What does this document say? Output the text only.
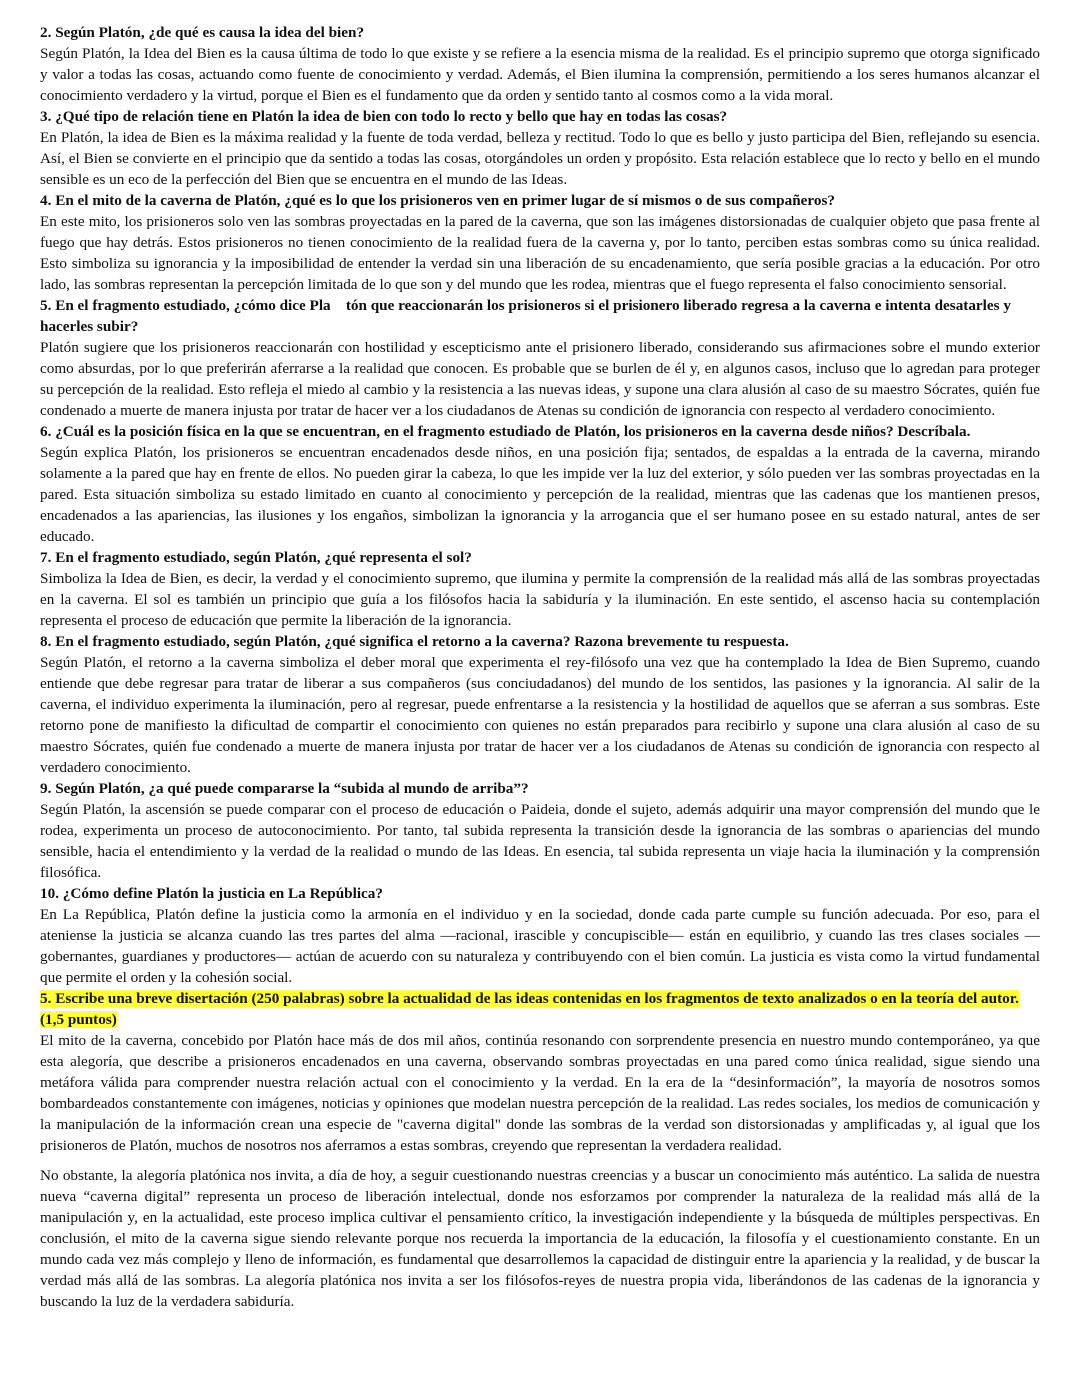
2. Según Platón, ¿de qué es causa la idea del bien?

Según Platón, la Idea del Bien es la causa última de todo lo que existe y se refiere a la esencia misma de la realidad. Es el principio supremo que otorga significado y valor a todas las cosas, actuando como fuente de conocimiento y verdad. Además, el Bien ilumina la comprensión, permitiendo a los seres humanos alcanzar el conocimiento verdadero y la virtud, porque el Bien es el fundamento que da orden y sentido tanto al cosmos como a la vida moral.

3. ¿Qué tipo de relación tiene en Platón la idea de bien con todo lo recto y bello que hay en todas las cosas?

En Platón, la idea de Bien es la máxima realidad y la fuente de toda verdad, belleza y rectitud. Todo lo que es bello y justo participa del Bien, reflejando su esencia. Así, el Bien se convierte en el principio que da sentido a todas las cosas, otorgándoles un orden y propósito. Esta relación establece que lo recto y bello en el mundo sensible es un eco de la perfección del Bien que se encuentra en el mundo de las Ideas.

4. En el mito de la caverna de Platón, ¿qué es lo que los prisioneros ven en primer lugar de sí mismos o de sus compañeros?

En este mito, los prisioneros solo ven las sombras proyectadas en la pared de la caverna, que son las imágenes distorsionadas de cualquier objeto que pasa frente al fuego que hay detrás. Estos prisioneros no tienen conocimiento de la realidad fuera de la caverna y, por lo tanto, perciben estas sombras como su única realidad. Esto simboliza su ignorancia y la imposibilidad de entender la verdad sin una liberación de su encadenamiento, que sería posible gracias a la educación. Por otro lado, las sombras representan la percepción limitada de lo que son y del mundo que les rodea, mientras que el fuego representa el falso conocimiento sensorial.

5. En el fragmento estudiado, ¿cómo dice Pla    tón que reaccionarán los prisioneros si el prisionero liberado regresa a la caverna e intenta desatarles y hacerles subir?

Platón sugiere que los prisioneros reaccionarán con hostilidad y escepticismo ante el prisionero liberado, considerando sus afirmaciones sobre el mundo exterior como absurdas, por lo que preferirán aferrarse a la realidad que conocen. Es probable que se burlen de él y, en algunos casos, incluso que lo agredan para proteger su percepción de la realidad. Esto refleja el miedo al cambio y la resistencia a las nuevas ideas, y supone una clara alusión al caso de su maestro Sócrates, quién fue condenado a muerte de manera injusta por tratar de hacer ver a los ciudadanos de Atenas su condición de ignorancia con respecto al verdadero conocimiento.

6. ¿Cuál es la posición física en la que se encuentran, en el fragmento estudiado de Platón, los prisioneros en la caverna desde niños? Descríbala.

Según explica Platón, los prisioneros se encuentran encadenados desde niños, en una posición fija; sentados, de espaldas a la entrada de la caverna, mirando solamente a la pared que hay en frente de ellos. No pueden girar la cabeza, lo que les impide ver la luz del exterior, y sólo pueden ver las sombras proyectadas en la pared. Esta situación simboliza su estado limitado en cuanto al conocimiento y percepción de la realidad, mientras que las cadenas que los mantienen presos, encadenados a las apariencias, las ilusiones y los engaños, simbolizan la ignorancia y la arrogancia que el ser humano posee en su estado natural, antes de ser educado.

7. En el fragmento estudiado, según Platón, ¿qué representa el sol?

Simboliza la Idea de Bien, es decir, la verdad y el conocimiento supremo, que ilumina y permite la comprensión de la realidad más allá de las sombras proyectadas en la caverna. El sol es también un principio que guía a los filósofos hacia la sabiduría y la iluminación. En este sentido, el ascenso hacia su contemplación representa el proceso de educación que permite la liberación de la ignorancia.

8. En el fragmento estudiado, según Platón, ¿qué significa el retorno a la caverna? Razona brevemente tu respuesta.

Según Platón, el retorno a la caverna simboliza el deber moral que experimenta el rey-filósofo una vez que ha contemplado la Idea de Bien Supremo, cuando entiende que debe regresar para tratar de liberar a sus compañeros (sus conciudadanos) del mundo de los sentidos, las pasiones y la ignorancia. Al salir de la caverna, el individuo experimenta la iluminación, pero al regresar, puede enfrentarse a la resistencia y la hostilidad de aquellos que se aferran a sus sombras. Este retorno pone de manifiesto la dificultad de compartir el conocimiento con quienes no están preparados para recibirlo y supone una clara alusión al caso de su maestro Sócrates, quién fue condenado a muerte de manera injusta por tratar de hacer ver a los ciudadanos de Atenas su condición de ignorancia con respecto al verdadero conocimiento.

9. Según Platón, ¿a qué puede compararse la “subida al mundo de arriba”?

Según Platón, la ascensión se puede comparar con el proceso de educación o Paideia, donde el sujeto, además adquirir una mayor comprensión del mundo que le rodea, experimenta un proceso de autoconocimiento. Por tanto, tal subida representa la transición desde la ignorancia de las sombras o apariencias del mundo sensible, hacia el entendimiento y la verdad de la realidad o mundo de las Ideas. En esencia, tal subida representa un viaje hacia la iluminación y la comprensión filosófica.

10. ¿Cómo define Platón la justicia en La República?

En La República, Platón define la justicia como la armonía en el individuo y en la sociedad, donde cada parte cumple su función adecuada. Por eso, para el ateniense la justicia se alcanza cuando las tres partes del alma —racional, irascible y concupiscible— están en equilibrio, y cuando las tres clases sociales —gobernantes, guardianes y productores— actúan de acuerdo con su naturaleza y contribuyendo con el bien común. La justicia es vista como la virtud fundamental que permite el orden y la cohesión social.

5. Escribe una breve disertación (250 palabras) sobre la actualidad de las ideas contenidas en los fragmentos de texto analizados o en la teoría del autor. (1,5 puntos)

El mito de la caverna, concebido por Platón hace más de dos mil años, continúa resonando con sorprendente presencia en nuestro mundo contemporáneo, ya que esta alegoría, que describe a prisioneros encadenados en una caverna, observando sombras proyectadas en una pared como única realidad, sigue siendo una metáfora válida para comprender nuestra relación actual con el conocimiento y la verdad. En la era de la “desinformación”, la mayoría de nosotros somos bombardeados constantemente con imágenes, noticias y opiniones que modelan nuestra percepción de la realidad. Las redes sociales, los medios de comunicación y la manipulación de la información crean una especie de "caverna digital" donde las sombras de la verdad son distorsionadas y amplificadas y, al igual que los prisioneros de Platón, muchos de nosotros nos aferramos a estas sombras, creyendo que representan la verdadera realidad.

No obstante, la alegoría platónica nos invita, a día de hoy, a seguir cuestionando nuestras creencias y a buscar un conocimiento más auténtico. La salida de nuestra nueva “caverna digital” representa un proceso de liberación intelectual, donde nos esforzamos por comprender la naturaleza de la realidad más allá de la manipulación y, en la actualidad, este proceso implica cultivar el pensamiento crítico, la investigación independiente y la búsqueda de múltiples perspectivas. En conclusión, el mito de la caverna sigue siendo relevante porque nos recuerda la importancia de la educación, la filosofía y el cuestionamiento constante. En un mundo cada vez más complejo y lleno de información, es fundamental que desarrollemos la capacidad de distinguir entre la apariencia y la realidad, y de buscar la verdad más allá de las sombras. La alegoría platónica nos invita a ser los filósofos-reyes de nuestra propia vida, liberándonos de las cadenas de la ignorancia y buscando la luz de la verdadera sabiduría.
